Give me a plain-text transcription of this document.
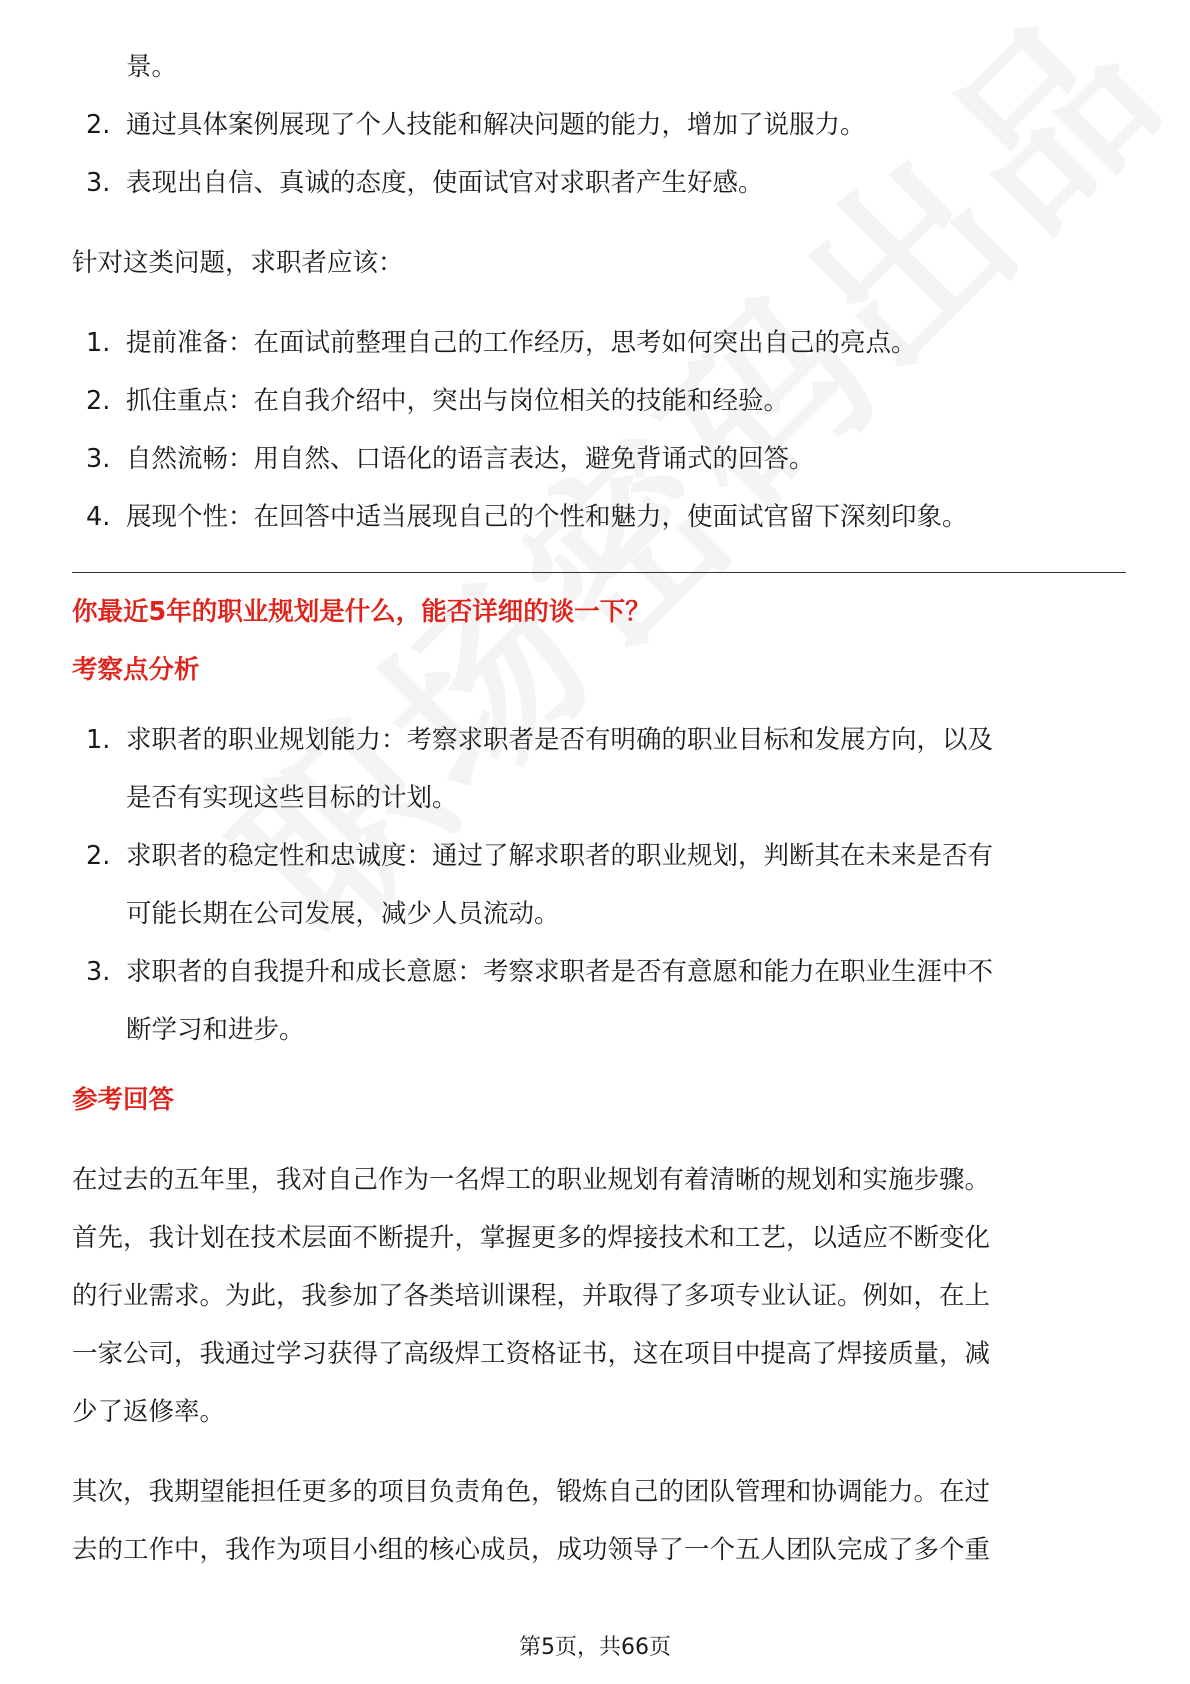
景。
2. 通过具体案例展现了个人技能和解决问题的能力，增加了说服力。
3. 表现出自信、真诚的态度，使面试官对求职者产生好感。
针对这类问题，求职者应该：
1. 提前准备：在面试前整理自己的工作经历，思考如何突出自己的亮点。
2. 抓住重点：在自我介绍中，突出与岗位相关的技能和经验。
3. 自然流畅：用自然、口语化的语言表达，避免背诵式的回答。
4. 展现个性：在回答中适当展现自己的个性和魅力，使面试官留下深刻印象。
你最近5年的职业规划是什么，能否详细的谈一下？
考察点分析
1. 求职者的职业规划能力：考察求职者是否有明确的职业目标和发展方向，以及
是否有实现这些目标的计划。
2. 求职者的稳定性和忠诚度：通过了解求职者的职业规划，判断其在未来是否有
可能长期在公司发展，减少人员流动。
3. 求职者的自我提升和成长意愿：考察求职者是否有意愿和能力在职业生涯中不
断学习和进步。
参考回答
在过去的五年里，我对自己作为一名焊工的职业规划有着清晰的规划和实施步骤。
首先，我计划在技术层面不断提升，掌握更多的焊接技术和工艺，以适应不断变化
的行业需求。为此，我参加了各类培训课程，并取得了多项专业认证。例如，在上
一家公司，我通过学习获得了高级焊工资格证书，这在项目中提高了焊接质量，减
少了返修率。
其次，我期望能担任更多的项目负责角色，锻炼自己的团队管理和协调能力。在过
去的工作中，我作为项目小组的核心成员，成功领导了一个五人团队完成了多个重
第5页，共66页
